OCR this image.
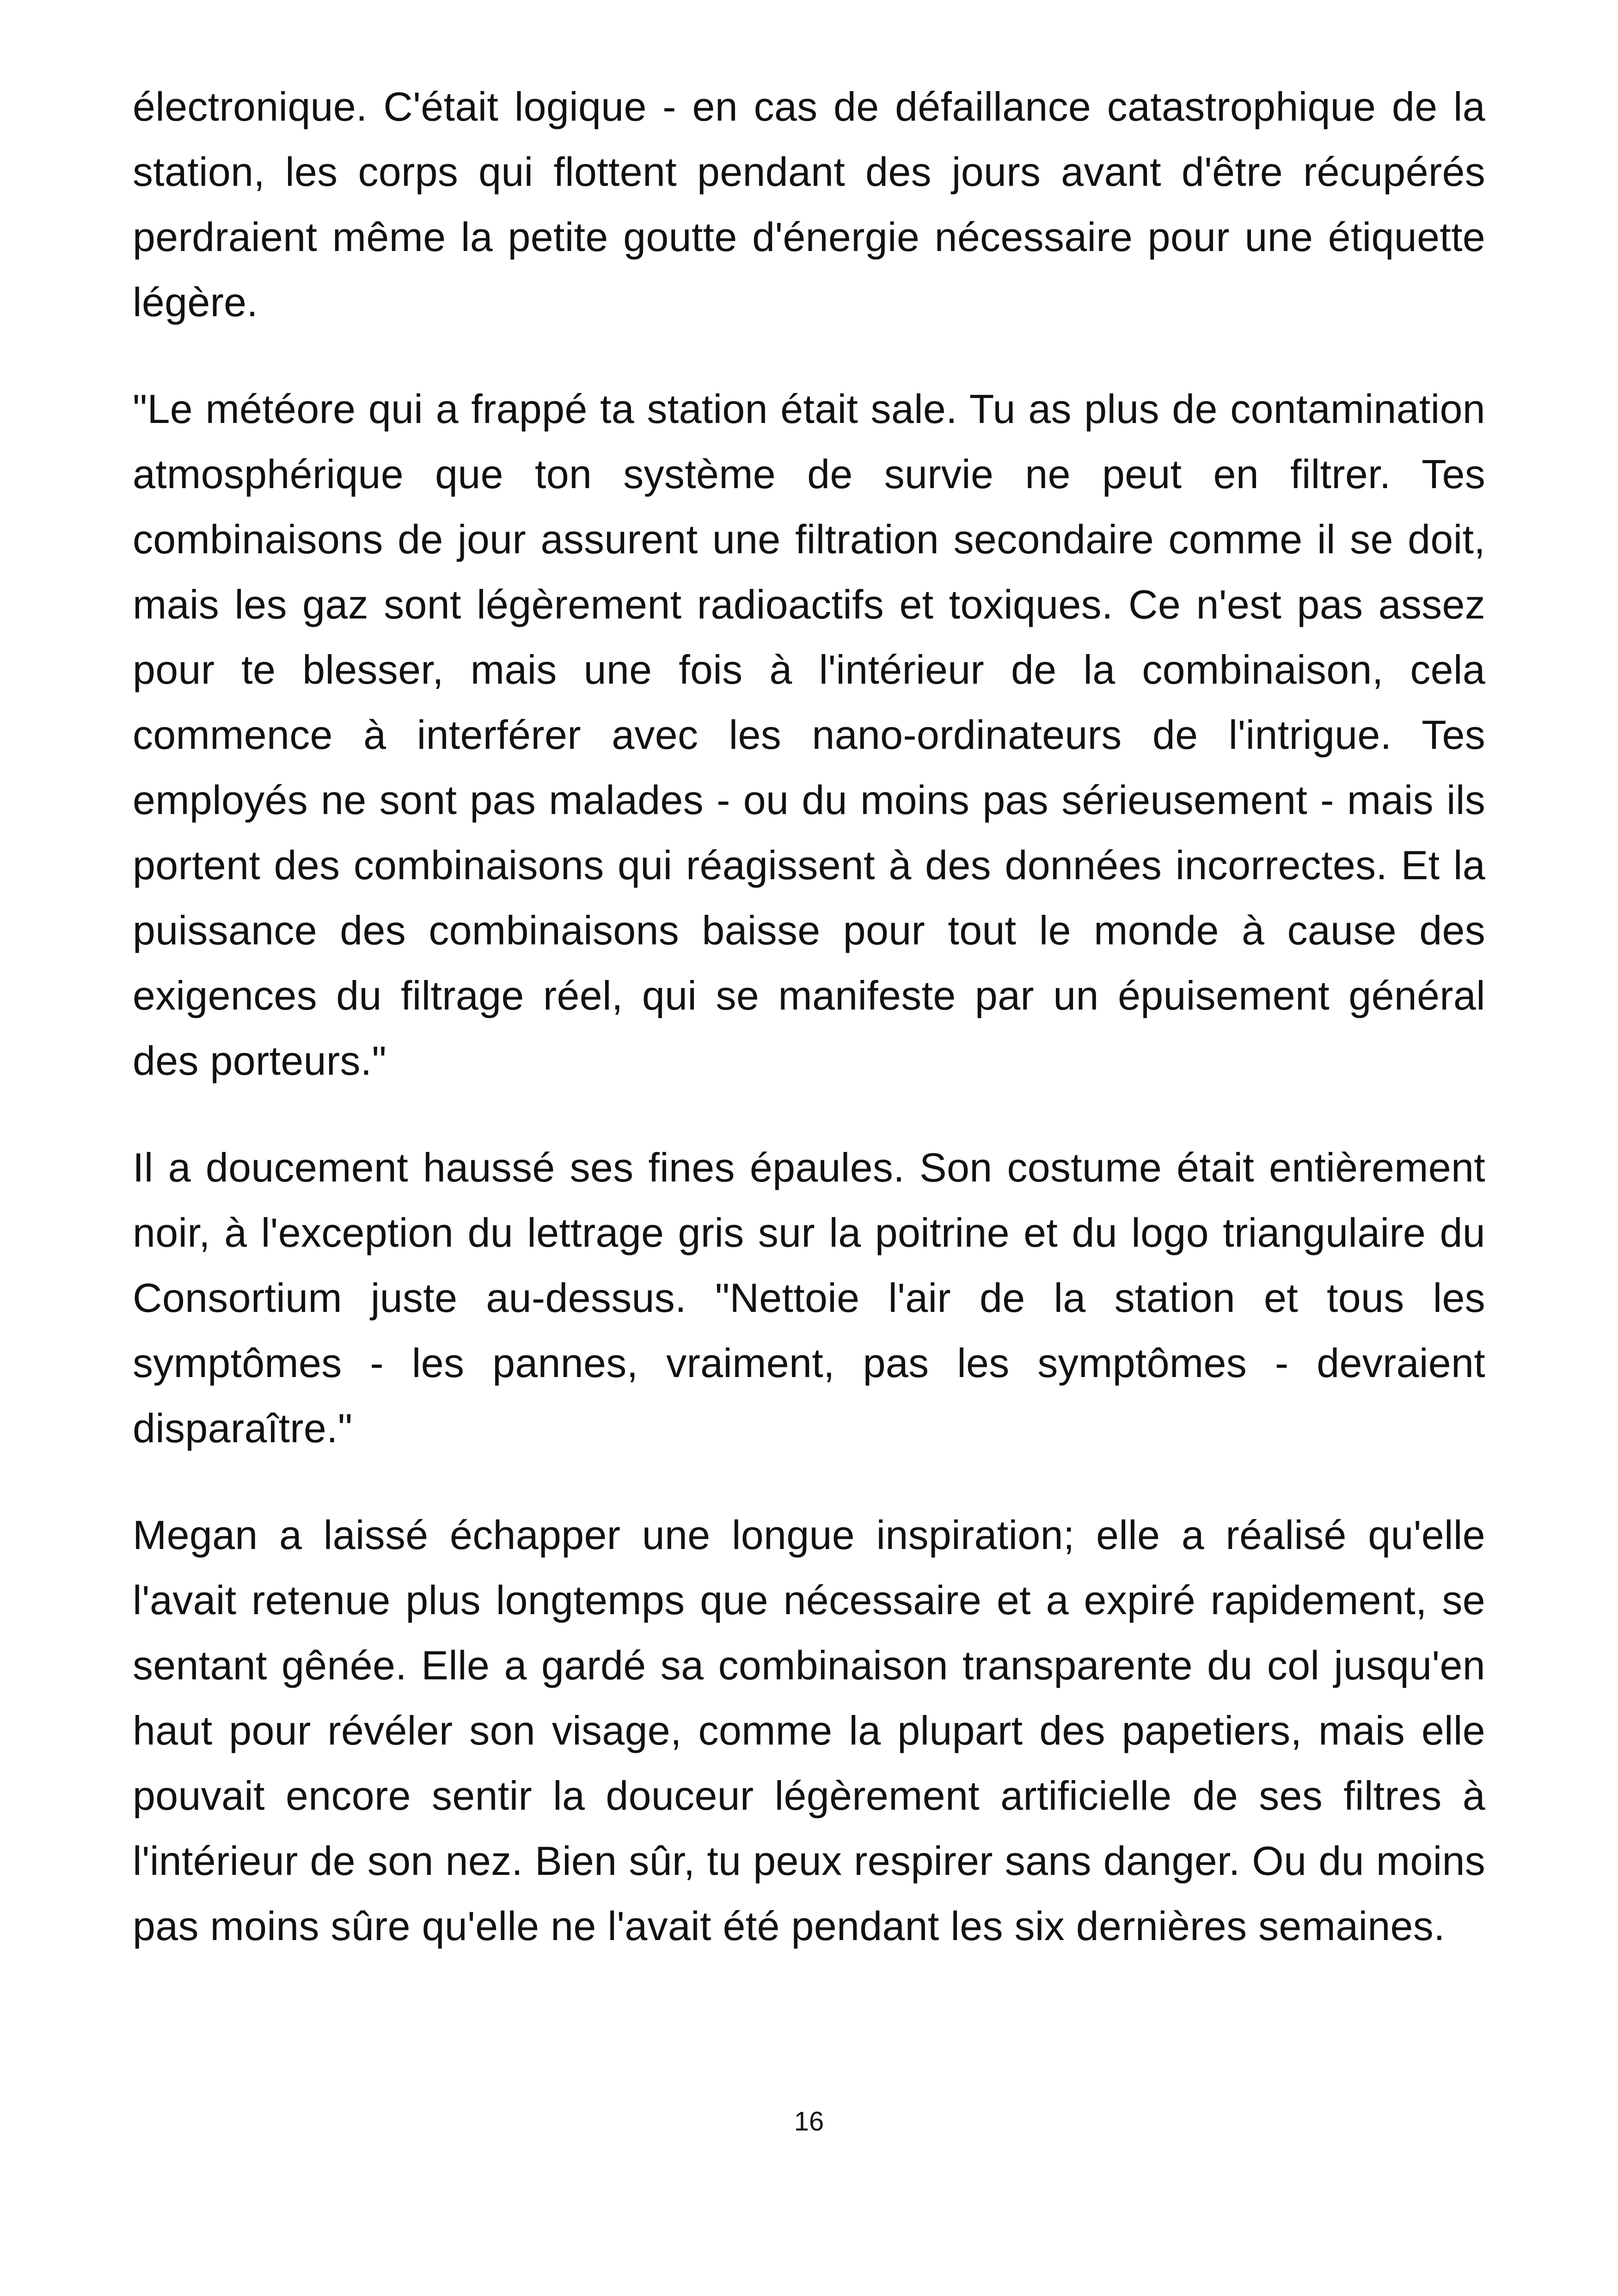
électronique. C'était logique - en cas de défaillance catastrophique de la station, les corps qui flottent pendant des jours avant d'être récupérés perdraient même la petite goutte d'énergie nécessaire pour une étiquette légère.

"Le météore qui a frappé ta station était sale. Tu as plus de contamination atmosphérique que ton système de survie ne peut en filtrer. Tes combinaisons de jour assurent une filtration secondaire comme il se doit, mais les gaz sont légèrement radioactifs et toxiques. Ce n'est pas assez pour te blesser, mais une fois à l'intérieur de la combinaison, cela commence à interférer avec les nano-ordinateurs de l'intrigue. Tes employés ne sont pas malades - ou du moins pas sérieusement - mais ils portent des combinaisons qui réagissent à des données incorrectes. Et la puissance des combinaisons baisse pour tout le monde à cause des exigences du filtrage réel, qui se manifeste par un épuisement général des porteurs."

Il a doucement haussé ses fines épaules. Son costume était entièrement noir, à l'exception du lettrage gris sur la poitrine et du logo triangulaire du Consortium juste au-dessus. "Nettoie l'air de la station et tous les symptômes - les pannes, vraiment, pas les symptômes - devraient disparaître."

Megan a laissé échapper une longue inspiration; elle a réalisé qu'elle l'avait retenue plus longtemps que nécessaire et a expiré rapidement, se sentant gênée. Elle a gardé sa combinaison transparente du col jusqu'en haut pour révéler son visage, comme la plupart des papetiers, mais elle pouvait encore sentir la douceur légèrement artificielle de ses filtres à l'intérieur de son nez. Bien sûr, tu peux respirer sans danger. Ou du moins pas moins sûre qu'elle ne l'avait été pendant les six dernières semaines.

16
